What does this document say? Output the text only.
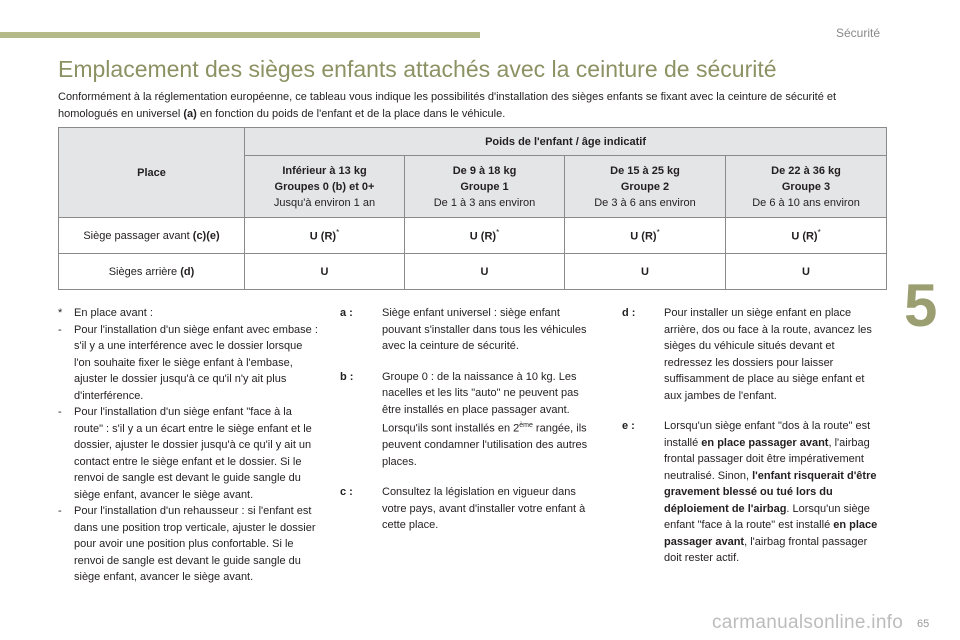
Sécurité
5
Emplacement des sièges enfants attachés avec la ceinture de sécurité
Conformément à la réglementation européenne, ce tableau vous indique les possibilités d'installation des sièges enfants se fixant avec la ceinture de sécurité et homologués en universel (a) en fonction du poids de l'enfant et de la place dans le véhicule.
Place	Poids de l'enfant / âge indicatif			

	Inférieur à 13 kg
Groupes 0 (b) et 0+
Jusqu'à environ 1 an	De 9 à 18 kg
Groupe 1
De 1 à 3 ans environ	De 15 à 25 kg
Groupe 2
De 3 à 6 ans environ	De 22 à 36 kg
Groupe 3
De 6 à 10 ans environ

Siège passager avant (c)(e)	U (R)*	U (R)*	U (R)*	U (R)*
Sièges arrière (d)	U	U	U	U
*	En place avant :
-	Pour l'installation d'un siège enfant avec embase : s'il y a une interférence avec le dossier lorsque l'on souhaite fixer le siège enfant à l'embase, ajuster le dossier jusqu'à ce qu'il n'y ait plus d'interférence.
-	Pour l'installation d'un siège enfant "face à la route" : s'il y a un écart entre le siège enfant et le dossier, ajuster le dossier jusqu'à ce qu'il y ait un contact entre le siège enfant et le dossier. Si le renvoi de sangle est devant le guide sangle du siège enfant, avancer le siège avant.
-	Pour l'installation d'un rehausseur : si l'enfant est dans une position trop verticale, ajuster le dossier pour avoir une position plus confortable. Si le renvoi de sangle est devant le guide sangle du siège enfant, avancer le siège avant.
a :	Siège enfant universel : siège enfant pouvant s'installer dans tous les véhicules avec la ceinture de sécurité.
b :	Groupe 0 : de la naissance à 10 kg. Les nacelles et les lits "auto" ne peuvent pas être installés en place passager avant. Lorsqu'ils sont installés en 2ème rangée, ils peuvent condamner l'utilisation des autres places.
c :	Consultez la législation en vigueur dans votre pays, avant d'installer votre enfant à cette place.
d :	Pour installer un siège enfant en place arrière, dos ou face à la route, avancez les sièges du véhicule situés devant et redressez les dossiers pour laisser suffisamment de place au siège enfant et aux jambes de l'enfant.
e :	Lorsqu'un siège enfant "dos à la route" est installé en place passager avant, l'airbag frontal passager doit être impérativement neutralisé. Sinon, l'enfant risquerait d'être gravement blessé ou tué lors du déploiement de l'airbag. Lorsqu'un siège enfant "face à la route" est installé en place passager avant, l'airbag frontal passager doit rester actif.
carmanualsonline.info 65
